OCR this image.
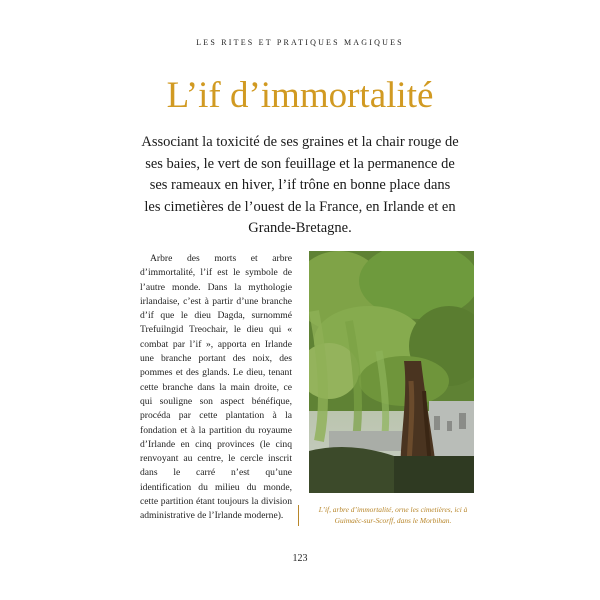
LES RITES ET PRATIQUES MAGIQUES
L’if d’immortalité

Associant la toxicité de ses graines et la chair rouge de ses baies, le vert de son feuillage et la permanence de ses rameaux en hiver, l’if trône en bonne place dans les cimetières de l’ouest de la France, en Irlande et en Grande-Bretagne.

Arbre des morts et arbre d’immortalité, l’if est le symbole de l’autre monde. Dans la mythologie irlandaise, c’est à partir d’une branche d’if que le dieu Dagda, surnommé Trefuilngid Treochair, le dieu qui « combat par l’if », apporta en Irlande une branche portant des noix, des pommes et des glands. Le dieu, tenant cette branche dans la main droite, ce qui souligne son aspect bénéfique, procéda par cette plantation à la fondation et à la partition du royaume d’Irlande en cinq provinces (le cinq renvoyant au centre, le cercle inscrit dans le carré n’est qu’une identification du milieu du monde, cette partition étant toujours la division administrative de l’Irlande moderne).

L’if, arbre d’immortalité, orne les cimetières, ici à Guimaëc-sur-Scorff, dans le Morbihan.
123
